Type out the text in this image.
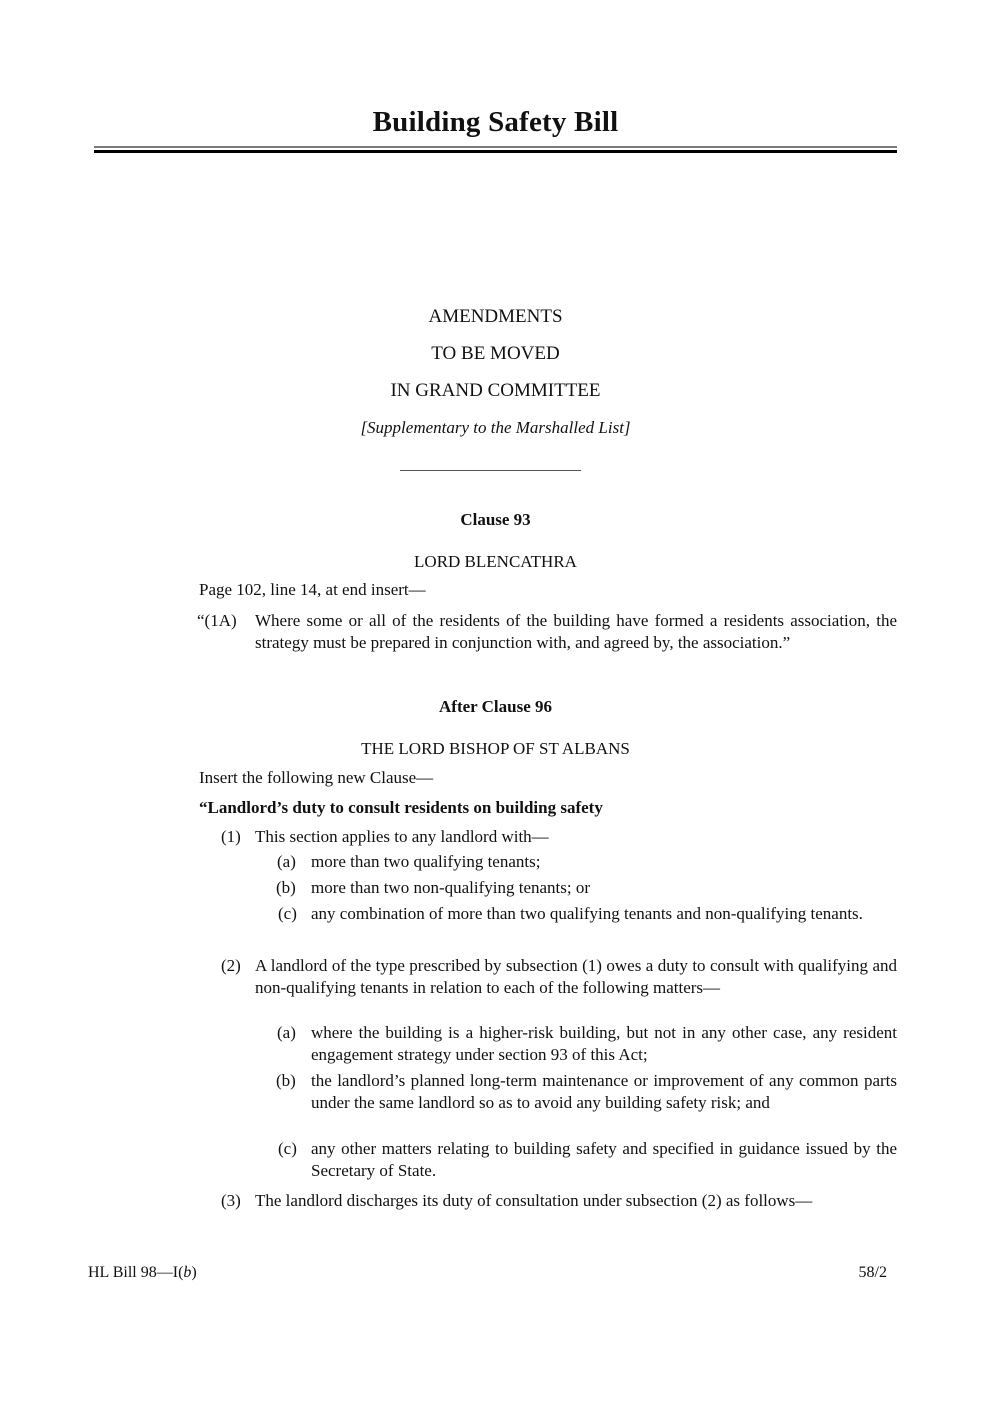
Building Safety Bill
AMENDMENTS
TO BE MOVED
IN GRAND COMMITTEE
[Supplementary to the Marshalled List]
Clause 93
LORD BLENCATHRA
Page 102, line 14, at end insert—
“(1A) Where some or all of the residents of the building have formed a residents association, the strategy must be prepared in conjunction with, and agreed by, the association.”
After Clause 96
THE LORD BISHOP OF ST ALBANS
Insert the following new Clause—
“Landlord’s duty to consult residents on building safety
(1) This section applies to any landlord with—
(a) more than two qualifying tenants;
(b) more than two non-qualifying tenants; or
(c) any combination of more than two qualifying tenants and non-qualifying tenants.
(2) A landlord of the type prescribed by subsection (1) owes a duty to consult with qualifying and non-qualifying tenants in relation to each of the following matters—
(a) where the building is a higher-risk building, but not in any other case, any resident engagement strategy under section 93 of this Act;
(b) the landlord’s planned long-term maintenance or improvement of any common parts under the same landlord so as to avoid any building safety risk; and
(c) any other matters relating to building safety and specified in guidance issued by the Secretary of State.
(3) The landlord discharges its duty of consultation under subsection (2) as follows—
HL Bill 98—I(b)	58/2
